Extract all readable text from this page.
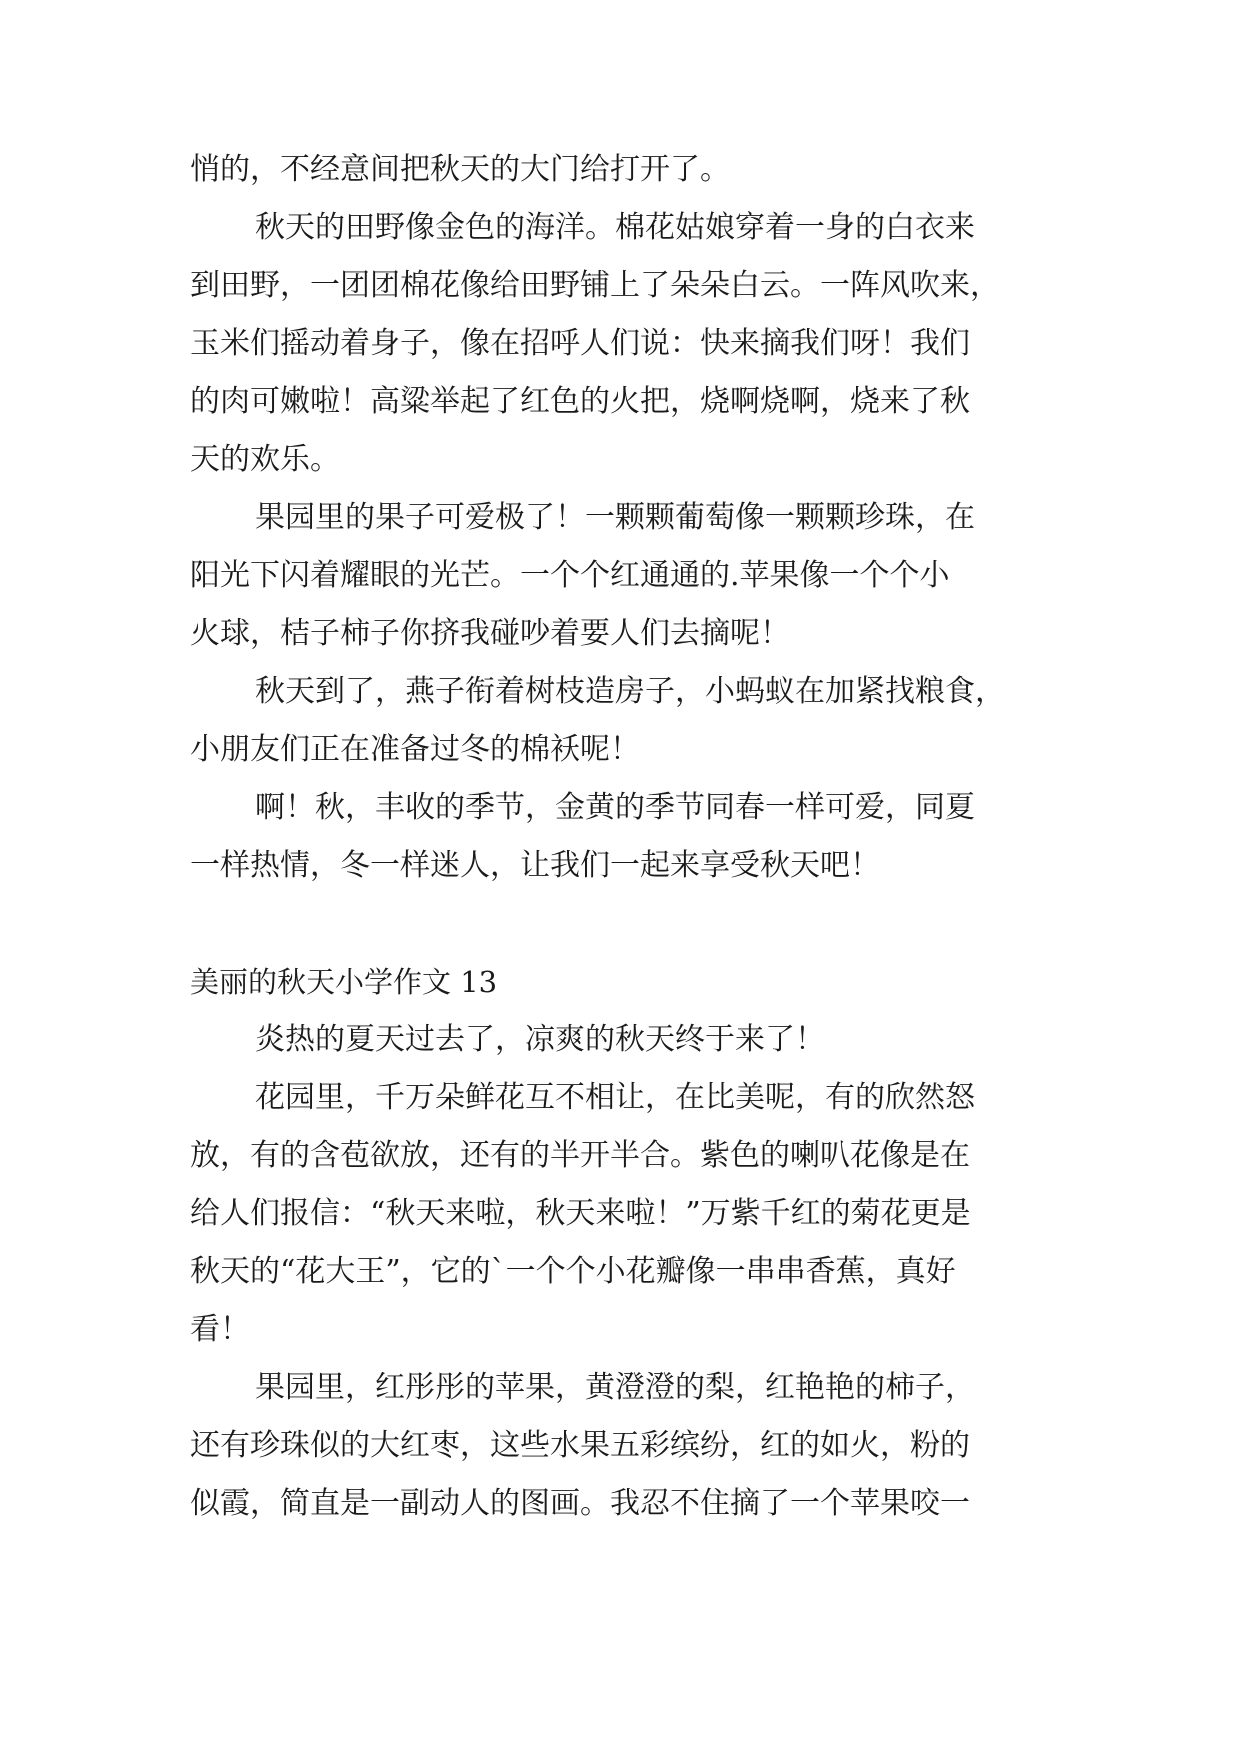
悄的，不经意间把秋天的大门给打开了。
秋天的田野像金色的海洋。棉花姑娘穿着一身的白衣来
到田野，一团团棉花像给田野铺上了朵朵白云。一阵风吹来，
玉米们摇动着身子，像在招呼人们说：快来摘我们呀！我们
的肉可嫩啦！高粱举起了红色的火把，烧啊烧啊，烧来了秋
天的欢乐。
果园里的果子可爱极了！一颗颗葡萄像一颗颗珍珠，在
阳光下闪着耀眼的光芒。一个个红通通的.苹果像一个个小
火球，桔子柿子你挤我碰吵着要人们去摘呢！
秋天到了，燕子衔着树枝造房子，小蚂蚁在加紧找粮食，
小朋友们正在准备过冬的棉袄呢！
啊！秋，丰收的季节，金黄的季节同春一样可爱，同夏
一样热情，冬一样迷人，让我们一起来享受秋天吧！
美丽的秋天小学作文 13
炎热的夏天过去了，凉爽的秋天终于来了！
花园里，千万朵鲜花互不相让，在比美呢，有的欣然怒
放，有的含苞欲放，还有的半开半合。紫色的喇叭花像是在
给人们报信：“秋天来啦，秋天来啦！”万紫千红的菊花更是
秋天的“花大王”，它的`一个个小花瓣像一串串香蕉，真好
看！
果园里，红彤彤的苹果，黄澄澄的梨，红艳艳的柿子，
还有珍珠似的大红枣，这些水果五彩缤纷，红的如火，粉的
似霞，简直是一副动人的图画。我忍不住摘了一个苹果咬一
